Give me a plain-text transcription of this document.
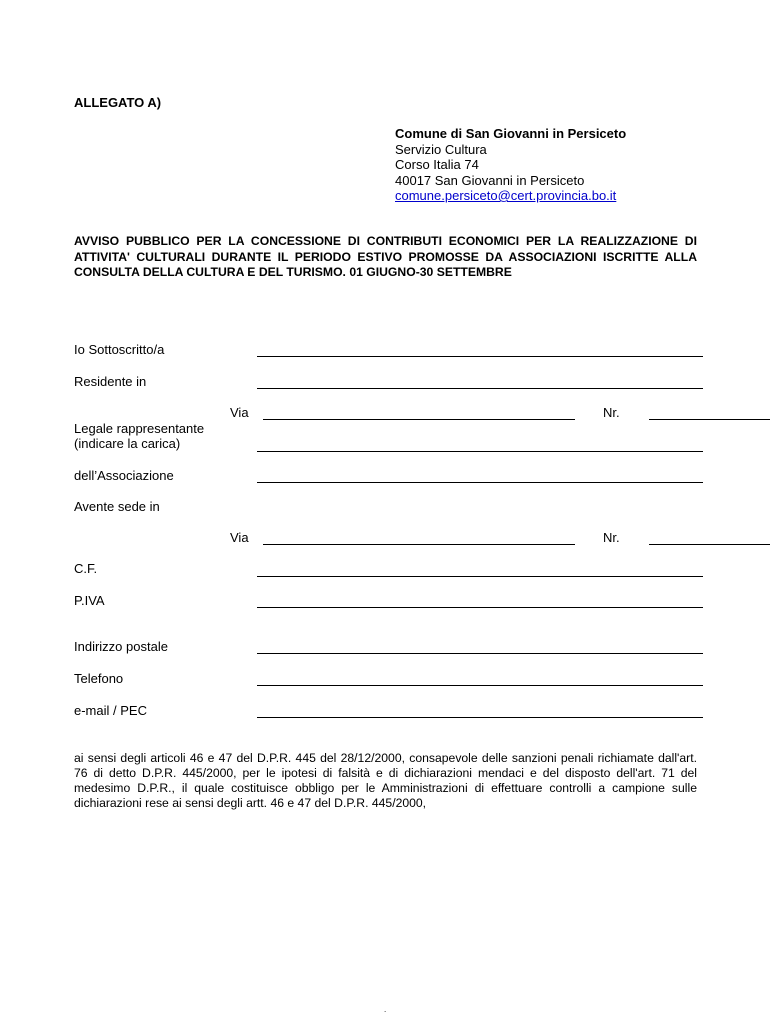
ALLEGATO A)
Comune di San Giovanni in Persiceto
Servizio Cultura
Corso Italia 74
40017 San Giovanni in Persiceto
comune.persiceto@cert.provincia.bo.it
AVVISO PUBBLICO PER LA CONCESSIONE DI CONTRIBUTI ECONOMICI PER LA REALIZZAZIONE DI ATTIVITA' CULTURALI DURANTE IL PERIODO ESTIVO PROMOSSE DA ASSOCIAZIONI ISCRITTE ALLA CONSULTA DELLA CULTURA E DEL TURISMO. 01 GIUGNO-30 SETTEMBRE
Io Sottoscritto/a
Residente in
Via	Nr.
Legale rappresentante
(indicare la carica)
dell’Associazione
Avente sede in
Via	Nr.
C.F.
P.IVA
Indirizzo postale
Telefono
e-mail / PEC
ai sensi degli articoli 46 e 47 del D.P.R. 445 del 28/12/2000, consapevole delle sanzioni penali richiamate dall'art. 76 di detto D.P.R. 445/2000, per le ipotesi di falsità e di dichiarazioni mendaci e del disposto dell'art. 71 del medesimo D.P.R., il quale costituisce obbligo per le Amministrazioni di effettuare controlli a campione sulle dichiarazioni rese ai sensi degli artt. 46 e 47 del D.P.R. 445/2000,
.
